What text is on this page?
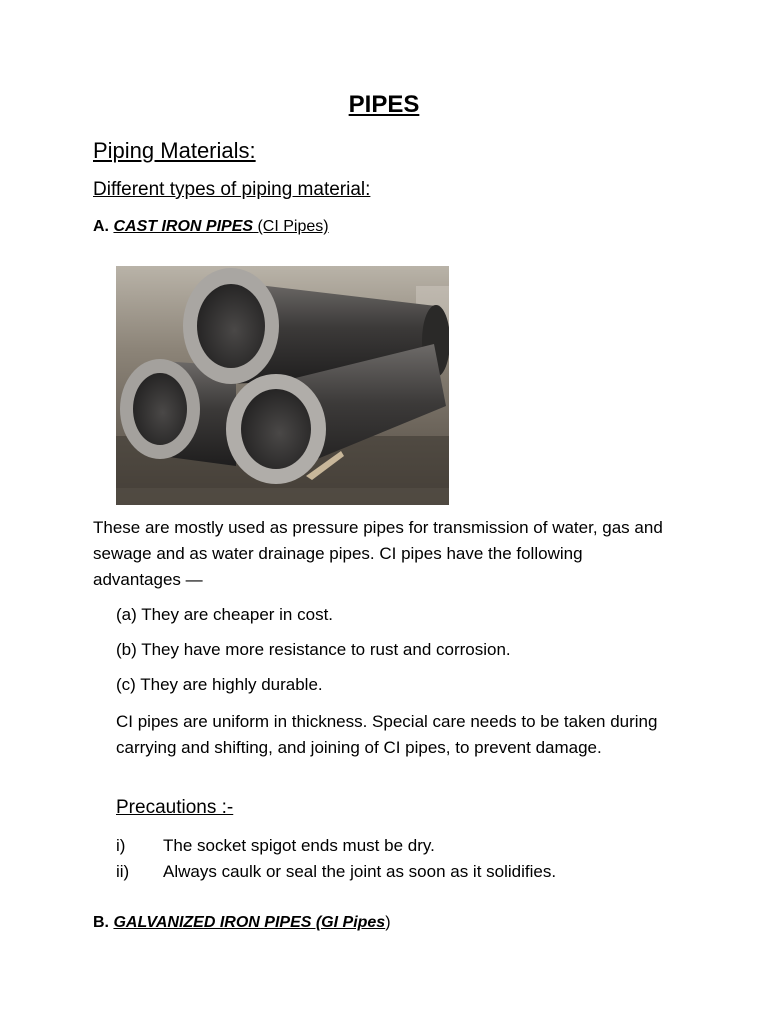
PIPES
Piping Materials:
Different types of piping material:
A. CAST IRON PIPES (CI Pipes)
These are mostly used as pressure pipes for transmission of water, gas and sewage and as water drainage pipes. CI pipes have the following advantages —
(a) They are cheaper in cost.
(b) They have more resistance to rust and corrosion.
(c) They are highly durable.
CI pipes are uniform in thickness. Special care needs to be taken during carrying and shifting, and joining of CI pipes, to prevent damage.
Precautions :-
i) The socket spigot ends must be dry.
ii) Always caulk or seal the joint as soon as it solidifies.
B. GALVANIZED IRON PIPES (GI Pipes)
